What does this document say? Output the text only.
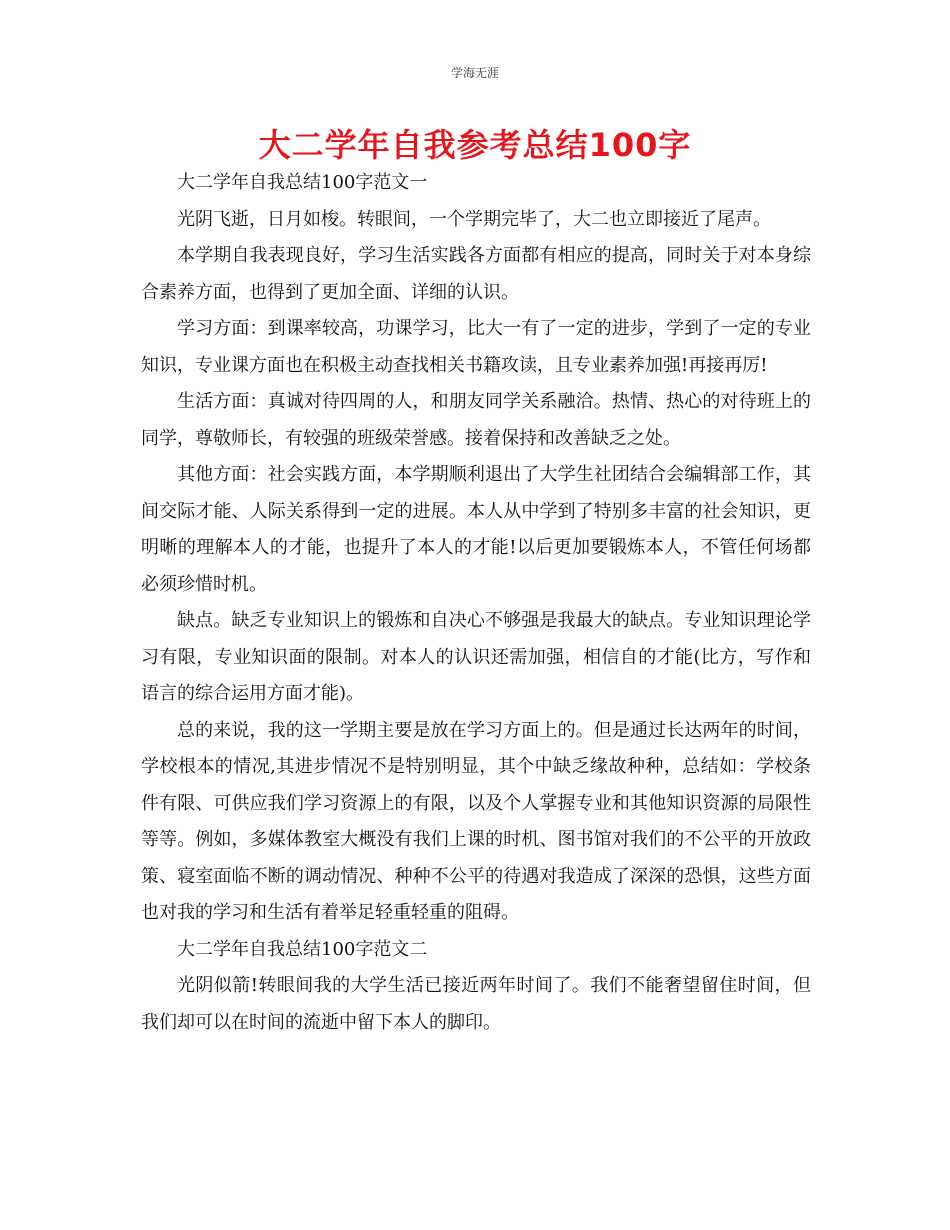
学海无涯
大二学年自我参考总结100字

大二学年自我总结100字范文一

光阴飞逝，日月如梭。转眼间，一个学期完毕了，大二也立即接近了尾声。

本学期自我表现良好，学习生活实践各方面都有相应的提高，同时关于对本身综合素养方面，也得到了更加全面、详细的认识。

学习方面：到课率较高，功课学习，比大一有了一定的进步，学到了一定的专业知识，专业课方面也在积极主动查找相关书籍攻读，且专业素养加强!再接再厉!

生活方面：真诚对待四周的人，和朋友同学关系融洽。热情、热心的对待班上的同学，尊敬师长，有较强的班级荣誉感。接着保持和改善缺乏之处。

其他方面：社会实践方面，本学期顺利退出了大学生社团结合会编辑部工作，其间交际才能、人际关系得到一定的进展。本人从中学到了特别多丰富的社会知识，更明晰的理解本人的才能，也提升了本人的才能!以后更加要锻炼本人，不管任何场都必须珍惜时机。

缺点。缺乏专业知识上的锻炼和自决心不够强是我最大的缺点。专业知识理论学习有限，专业知识面的限制。对本人的认识还需加强，相信自的才能(比方，写作和语言的综合运用方面才能)。

总的来说，我的这一学期主要是放在学习方面上的。但是通过长达两年的时间，学校根本的情况,其进步情况不是特别明显，其个中缺乏缘故种种，总结如：学校条件有限、可供应我们学习资源上的有限，以及个人掌握专业和其他知识资源的局限性等等。例如，多媒体教室大概没有我们上课的时机、图书馆对我们的不公平的开放政策、寝室面临不断的调动情况、种种不公平的待遇对我造成了深深的恐惧，这些方面也对我的学习和生活有着举足轻重轻重的阻碍。

大二学年自我总结100字范文二

光阴似箭!转眼间我的大学生活已接近两年时间了。我们不能奢望留住时间，但我们却可以在时间的流逝中留下本人的脚印。
